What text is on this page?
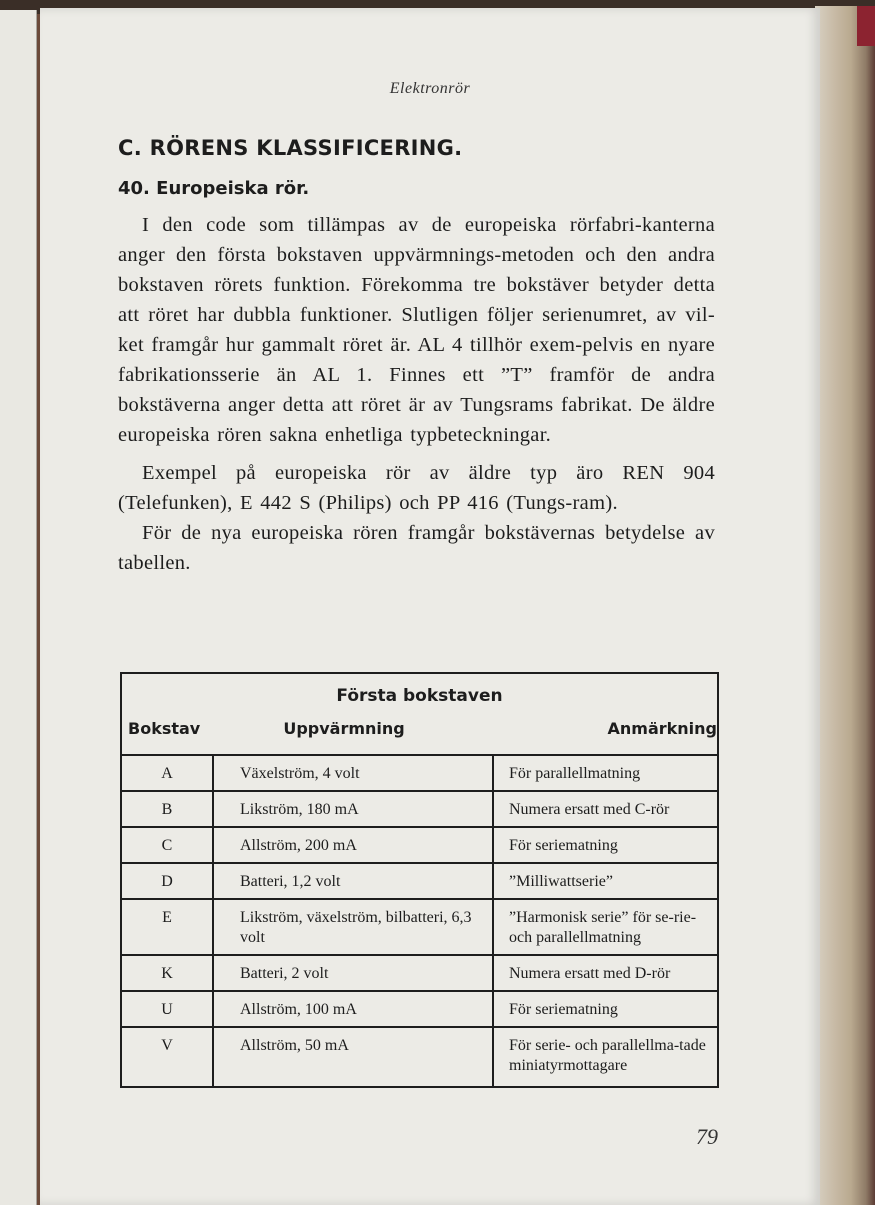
Elektronrör
C. RÖRENS KLASSIFICERING.
40. Europeiska rör.

I den code som tillämpas av de europeiska rörfabri-kanterna anger den första bokstaven uppvärmnings-metoden och den andra bokstaven rörets funktion. Förekomma tre bokstäver betyder detta att röret har dubbla funktioner. Slutligen följer serienumret, av vil-ket framgår hur gammalt röret är. AL 4 tillhör exem-pelvis en nyare fabrikationsserie än AL 1. Finnes ett ”T” framför de andra bokstäverna anger detta att röret är av Tungsrams fabrikat. De äldre europeiska rören sakna enhetliga typbeteckningar.

Exempel på europeiska rör av äldre typ äro REN 904 (Telefunken), E 442 S (Philips) och PP 416 (Tungs-ram).

För de nya europeiska rören framgår bokstävernas betydelse av tabellen.

Första bokstaven
Bokstav Uppvärmning Anmärkning		

A	Växelström, 4 volt	För parallellmatning
B	Likström, 180 mA	Numera ersatt med C-rör
C	Allström, 200 mA	För seriematning
D	Batteri, 1,2 volt	”Milliwattserie”
E	Likström, växelström, bilbatteri, 6,3 volt	”Harmonisk serie” för se-rie- och parallellmatning
K	Batteri, 2 volt	Numera ersatt med D-rör
U	Allström, 100 mA	För seriematning
V	Allström, 50 mA	För serie- och parallellma-tade miniatyrmottagare
79
